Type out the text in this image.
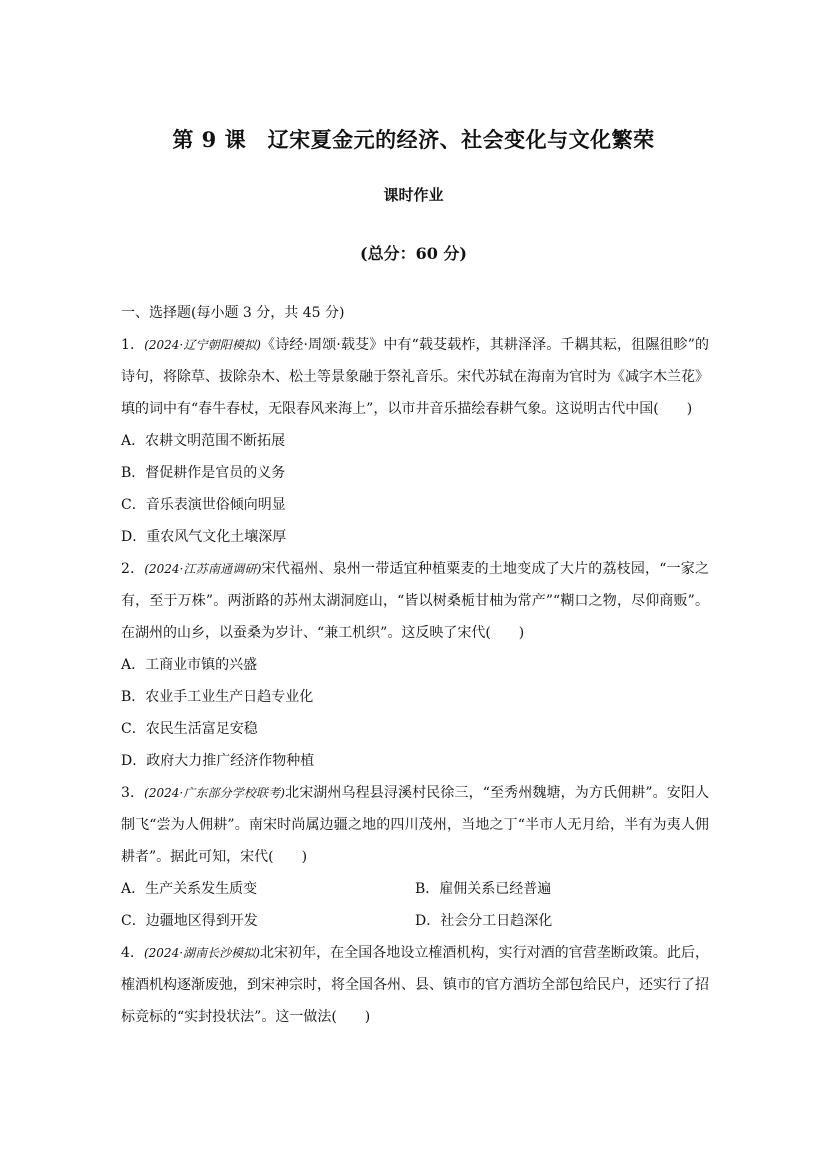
第 9 课　辽宋夏金元的经济、社会变化与文化繁荣
课时作业
(总分：60 分)
一、选择题(每小题 3 分，共 45 分)
1．(2024·辽宁朝阳模拟)《诗经·周颂·载芟》中有“载芟载柞，其耕泽泽。千耦其耘，徂隰徂畛”的诗句，将除草、拔除杂木、松土等景象融于祭礼音乐。宋代苏轼在海南为官时为《减字木兰花》填的词中有“春牛春杖，无限春风来海上”，以市井音乐描绘春耕气象。这说明古代中国(　　)
A．农耕文明范围不断拓展
B．督促耕作是官员的义务
C．音乐表演世俗倾向明显
D．重农风气文化土壤深厚
2．(2024·江苏南通调研)宋代福州、泉州一带适宜种植粟麦的土地变成了大片的荔枝园，“一家之有，至于万株”。两浙路的苏州太湖洞庭山，“皆以树桑栀甘柚为常产”“糊口之物，尽仰商贩”。在湖州的山乡，以蚕桑为岁计、“兼工机织”。这反映了宋代(　　)
A．工商业市镇的兴盛
B．农业手工业生产日趋专业化
C．农民生活富足安稳
D．政府大力推广经济作物种植
3．(2024·广东部分学校联考)北宋湖州乌程县浔溪村民徐三，“至秀州魏塘，为方氏佣耕”。安阳人制飞“尝为人佣耕”。南宋时尚属边疆之地的四川茂州，当地之丁“半市人无月给，半有为夷人佣耕者”。据此可知，宋代(　　)
A．生产关系发生质变	B．雇佣关系已经普遍
C．边疆地区得到开发	D．社会分工日趋深化
4．(2024·湖南长沙模拟)北宋初年，在全国各地设立榷酒机构，实行对酒的官营垄断政策。此后，榷酒机构逐渐废弛，到宋神宗时，将全国各州、县、镇市的官方酒坊全部包给民户，还实行了招标竞标的“实封投状法”。这一做法(　　)
